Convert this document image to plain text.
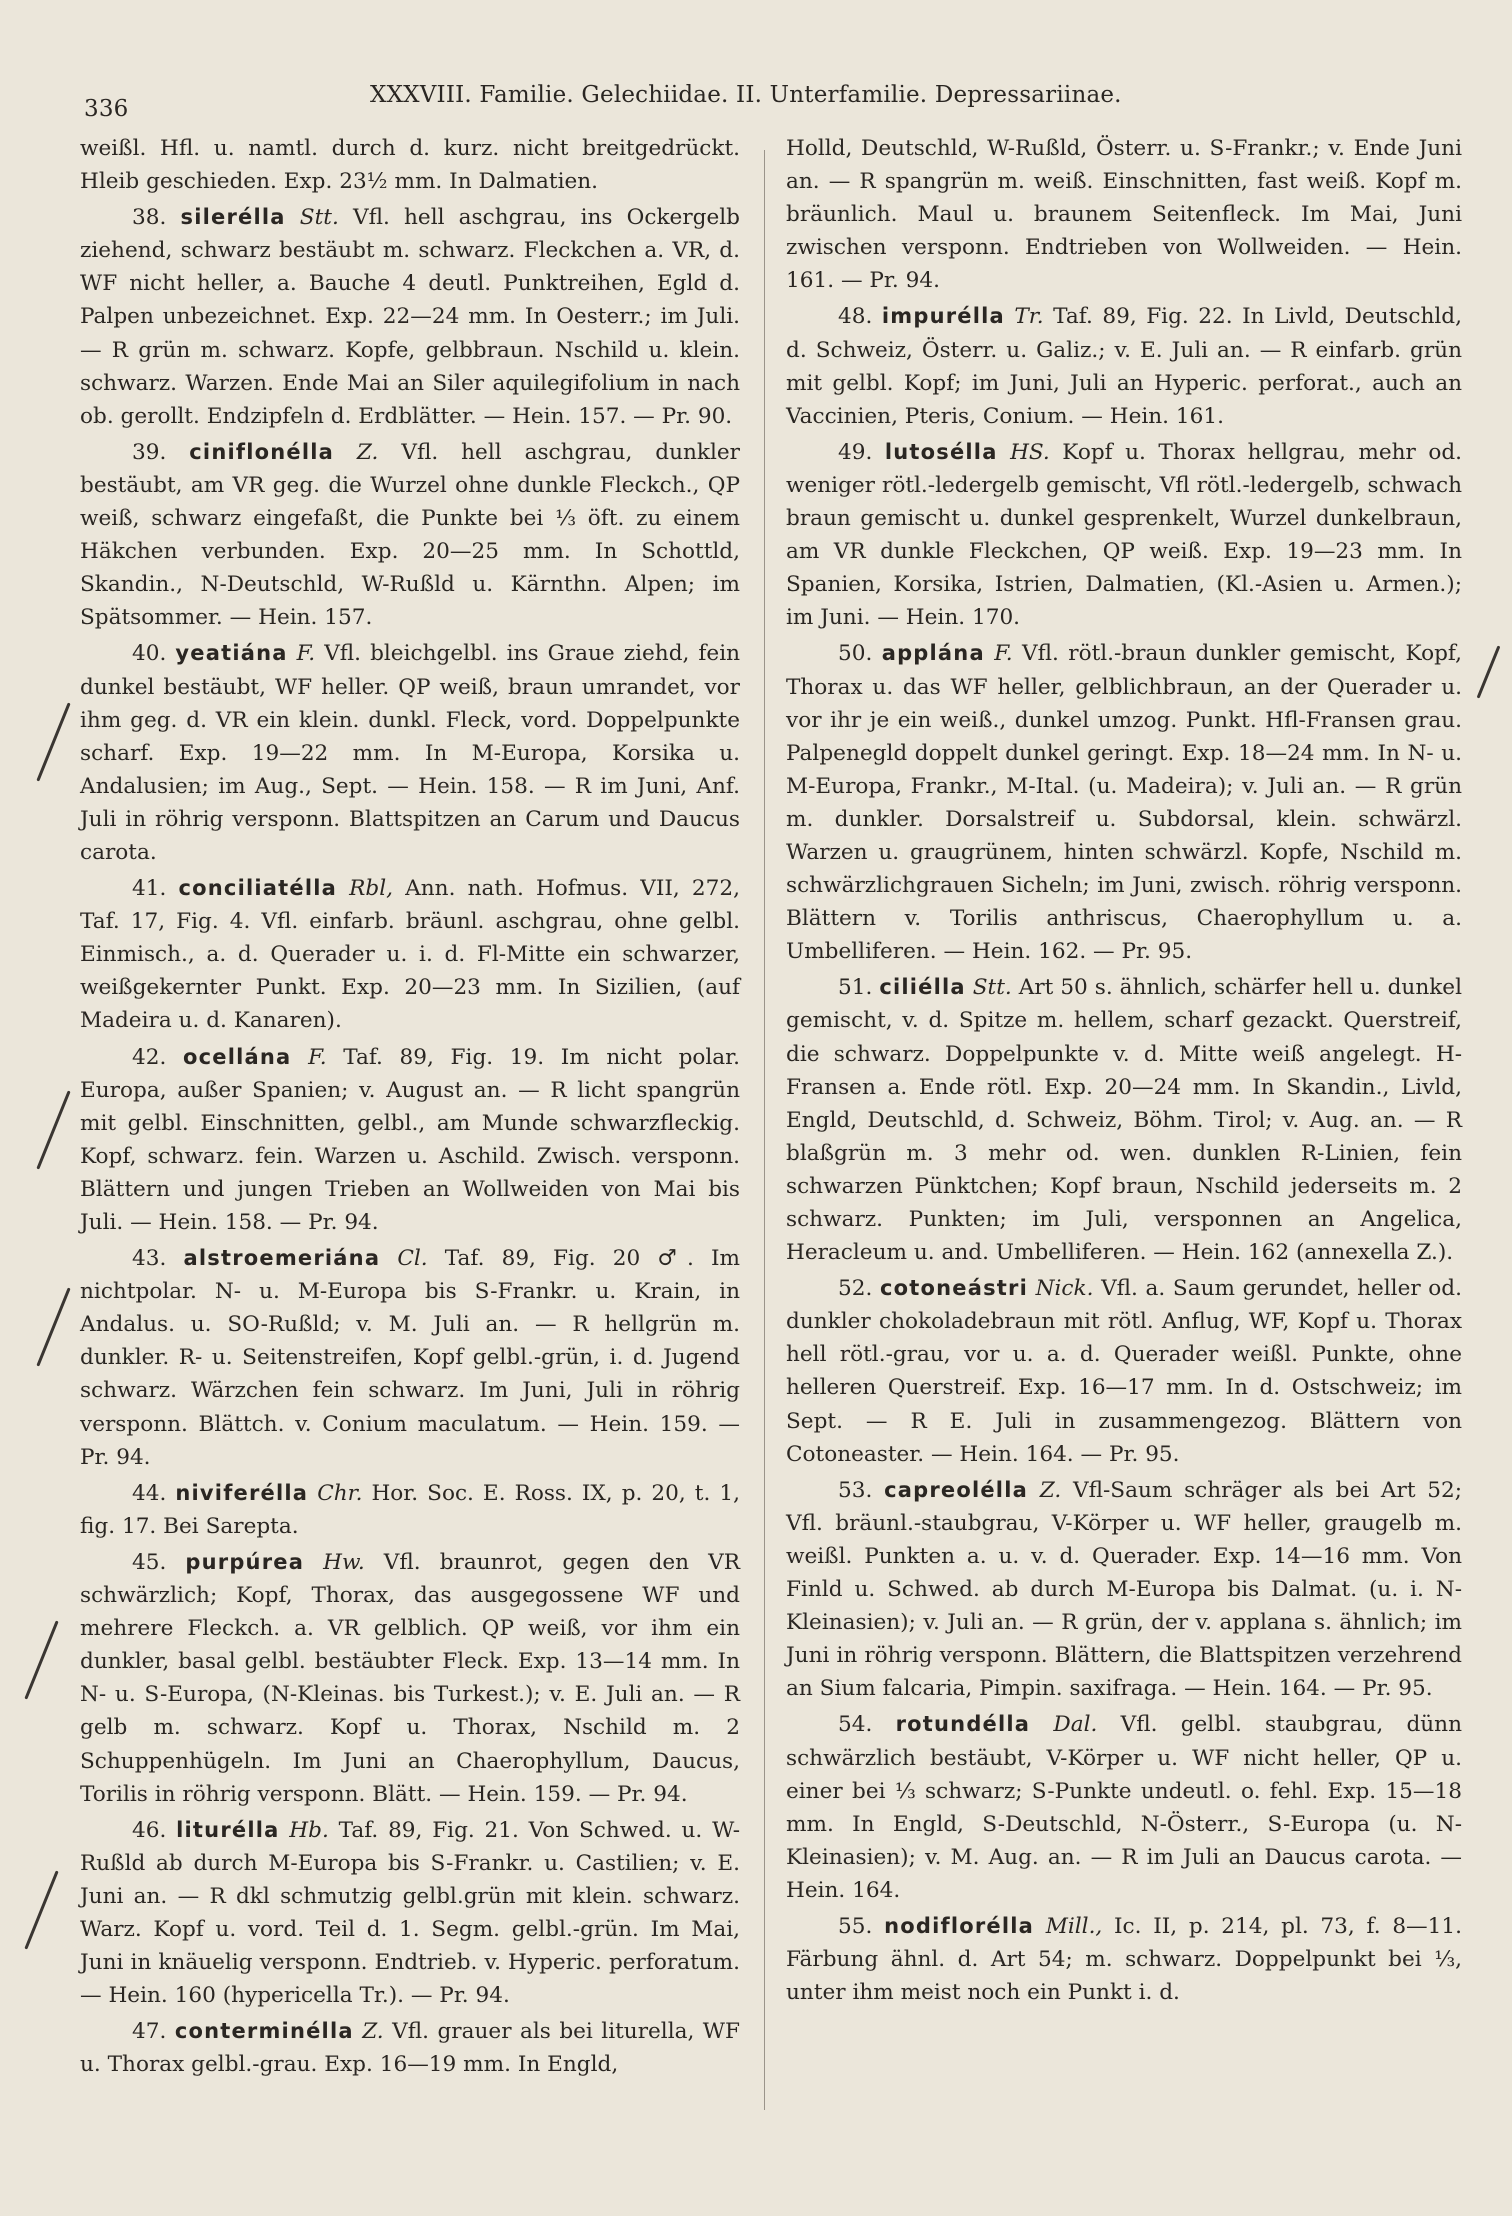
336
XXXVIII. Familie. Gelechiidae. II. Unterfamilie. Depressariinae.

weißl. Hfl. u. namtl. durch d. kurz. nicht breitgedrückt. Hleib geschieden. Exp. 23½ mm. In Dalmatien.

38. silerélla Stt. Vfl. hell aschgrau, ins Ockergelb ziehend, schwarz bestäubt m. schwarz. Fleckchen a. VR, d. WF nicht heller, a. Bauche 4 deutl. Punktreihen, Egld d. Palpen unbezeichnet. Exp. 22—24 mm. In Oesterr.; im Juli. — R grün m. schwarz. Kopfe, gelbbraun. Nschild u. klein. schwarz. Warzen. Ende Mai an Siler aquilegifolium in nach ob. gerollt. Endzipfeln d. Erdblätter. — Hein. 157. — Pr. 90.

39. ciniflonélla Z. Vfl. hell aschgrau, dunkler bestäubt, am VR geg. die Wurzel ohne dunkle Fleckch., QP weiß, schwarz eingefaßt, die Punkte bei ⅓ öft. zu einem Häkchen verbunden. Exp. 20—25 mm. In Schottld, Skandin., N-Deutschld, W-Rußld u. Kärnthn. Alpen; im Spätsommer. — Hein. 157.

40. yeatiána F. Vfl. bleichgelbl. ins Graue ziehd, fein dunkel bestäubt, WF heller. QP weiß, braun umrandet, vor ihm geg. d. VR ein klein. dunkl. Fleck, vord. Doppelpunkte scharf. Exp. 19—22 mm. In M-Europa, Korsika u. Andalusien; im Aug., Sept. — Hein. 158. — R im Juni, Anf. Juli in röhrig versponn. Blattspitzen an Carum und Daucus carota.

41. conciliatélla Rbl, Ann. nath. Hofmus. VII, 272, Taf. 17, Fig. 4. Vfl. einfarb. bräunl. aschgrau, ohne gelbl. Einmisch., a. d. Querader u. i. d. Fl-Mitte ein schwarzer, weißgekernter Punkt. Exp. 20—23 mm. In Sizilien, (auf Madeira u. d. Kanaren).

42. ocellána F. Taf. 89, Fig. 19. Im nicht polar. Europa, außer Spanien; v. August an. — R licht spangrün mit gelbl. Einschnitten, gelbl., am Munde schwarzfleckig. Kopf, schwarz. fein. Warzen u. Aschild. Zwisch. versponn. Blättern und jungen Trieben an Wollweiden von Mai bis Juli. — Hein. 158. — Pr. 94.

43. alstroemeriána Cl. Taf. 89, Fig. 20 ♂. Im nichtpolar. N- u. M-Europa bis S-Frankr. u. Krain, in Andalus. u. SO-Rußld; v. M. Juli an. — R hellgrün m. dunkler. R- u. Seitenstreifen, Kopf gelbl.-grün, i. d. Jugend schwarz. Wärzchen fein schwarz. Im Juni, Juli in röhrig versponn. Blättch. v. Conium maculatum. — Hein. 159. — Pr. 94.

44. niviferélla Chr. Hor. Soc. E. Ross. IX, p. 20, t. 1, fig. 17. Bei Sarepta.

45. purpúrea Hw. Vfl. braunrot, gegen den VR schwärzlich; Kopf, Thorax, das ausgegossene WF und mehrere Fleckch. a. VR gelblich. QP weiß, vor ihm ein dunkler, basal gelbl. bestäubter Fleck. Exp. 13—14 mm. In N- u. S-Europa, (N-Kleinas. bis Turkest.); v. E. Juli an. — R gelb m. schwarz. Kopf u. Thorax, Nschild m. 2 Schuppenhügeln. Im Juni an Chaerophyllum, Daucus, Torilis in röhrig versponn. Blätt. — Hein. 159. — Pr. 94.

46. liturélla Hb. Taf. 89, Fig. 21. Von Schwed. u. W-Rußld ab durch M-Europa bis S-Frankr. u. Castilien; v. E. Juni an. — R dkl schmutzig gelbl.grün mit klein. schwarz. Warz. Kopf u. vord. Teil d. 1. Segm. gelbl.-grün. Im Mai, Juni in knäuelig versponn. Endtrieb. v. Hyperic. perforatum. — Hein. 160 (hypericella Tr.). — Pr. 94.

47. conterminélla Z. Vfl. grauer als bei liturella, WF u. Thorax gelbl.-grau. Exp. 16—19 mm. In Engld,

Holld, Deutschld, W-Rußld, Österr. u. S-Frankr.; v. Ende Juni an. — R spangrün m. weiß. Einschnitten, fast weiß. Kopf m. bräunlich. Maul u. braunem Seitenfleck. Im Mai, Juni zwischen versponn. Endtrieben von Wollweiden. — Hein. 161. — Pr. 94.

48. impurélla Tr. Taf. 89, Fig. 22. In Livld, Deutschld, d. Schweiz, Österr. u. Galiz.; v. E. Juli an. — R einfarb. grün mit gelbl. Kopf; im Juni, Juli an Hyperic. perforat., auch an Vaccinien, Pteris, Conium. — Hein. 161.

49. lutosélla HS. Kopf u. Thorax hellgrau, mehr od. weniger rötl.-ledergelb gemischt, Vfl rötl.-ledergelb, schwach braun gemischt u. dunkel gesprenkelt, Wurzel dunkelbraun, am VR dunkle Fleckchen, QP weiß. Exp. 19—23 mm. In Spanien, Korsika, Istrien, Dalmatien, (Kl.-Asien u. Armen.); im Juni. — Hein. 170.

50. applána F. Vfl. rötl.-braun dunkler gemischt, Kopf, Thorax u. das WF heller, gelblichbraun, an der Querader u. vor ihr je ein weiß., dunkel umzog. Punkt. Hfl-Fransen grau. Palpenegld doppelt dunkel geringt. Exp. 18—24 mm. In N- u. M-Europa, Frankr., M-Ital. (u. Madeira); v. Juli an. — R grün m. dunkler. Dorsalstreif u. Subdorsal, klein. schwärzl. Warzen u. graugrünem, hinten schwärzl. Kopfe, Nschild m. schwärzlichgrauen Sicheln; im Juni, zwisch. röhrig versponn. Blättern v. Torilis anthriscus, Chaerophyllum u. a. Umbelliferen. — Hein. 162. — Pr. 95.

51. ciliélla Stt. Art 50 s. ähnlich, schärfer hell u. dunkel gemischt, v. d. Spitze m. hellem, scharf gezackt. Querstreif, die schwarz. Doppelpunkte v. d. Mitte weiß angelegt. H-Fransen a. Ende rötl. Exp. 20—24 mm. In Skandin., Livld, Engld, Deutschld, d. Schweiz, Böhm. Tirol; v. Aug. an. — R blaßgrün m. 3 mehr od. wen. dunklen R-Linien, fein schwarzen Pünktchen; Kopf braun, Nschild jederseits m. 2 schwarz. Punkten; im Juli, versponnen an Angelica, Heracleum u. and. Umbelliferen. — Hein. 162 (annexella Z.).

52. cotoneástri Nick. Vfl. a. Saum gerundet, heller od. dunkler chokoladebraun mit rötl. Anflug, WF, Kopf u. Thorax hell rötl.-grau, vor u. a. d. Querader weißl. Punkte, ohne helleren Querstreif. Exp. 16—17 mm. In d. Ostschweiz; im Sept. — R E. Juli in zusammengezog. Blättern von Cotoneaster. — Hein. 164. — Pr. 95.

53. capreolélla Z. Vfl-Saum schräger als bei Art 52; Vfl. bräunl.-staubgrau, V-Körper u. WF heller, graugelb m. weißl. Punkten a. u. v. d. Querader. Exp. 14—16 mm. Von Finld u. Schwed. ab durch M-Europa bis Dalmat. (u. i. N-Kleinasien); v. Juli an. — R grün, der v. applana s. ähnlich; im Juni in röhrig versponn. Blättern, die Blattspitzen verzehrend an Sium falcaria, Pimpin. saxifraga. — Hein. 164. — Pr. 95.

54. rotundélla Dal. Vfl. gelbl. staubgrau, dünn schwärzlich bestäubt, V-Körper u. WF nicht heller, QP u. einer bei ⅓ schwarz; S-Punkte undeutl. o. fehl. Exp. 15—18 mm. In Engld, S-Deutschld, N-Österr., S-Europa (u. N-Kleinasien); v. M. Aug. an. — R im Juli an Daucus carota. — Hein. 164.

55. nodiflorélla Mill., Ic. II, p. 214, pl. 73, f. 8—11. Färbung ähnl. d. Art 54; m. schwarz. Doppelpunkt bei ⅓, unter ihm meist noch ein Punkt i. d.
